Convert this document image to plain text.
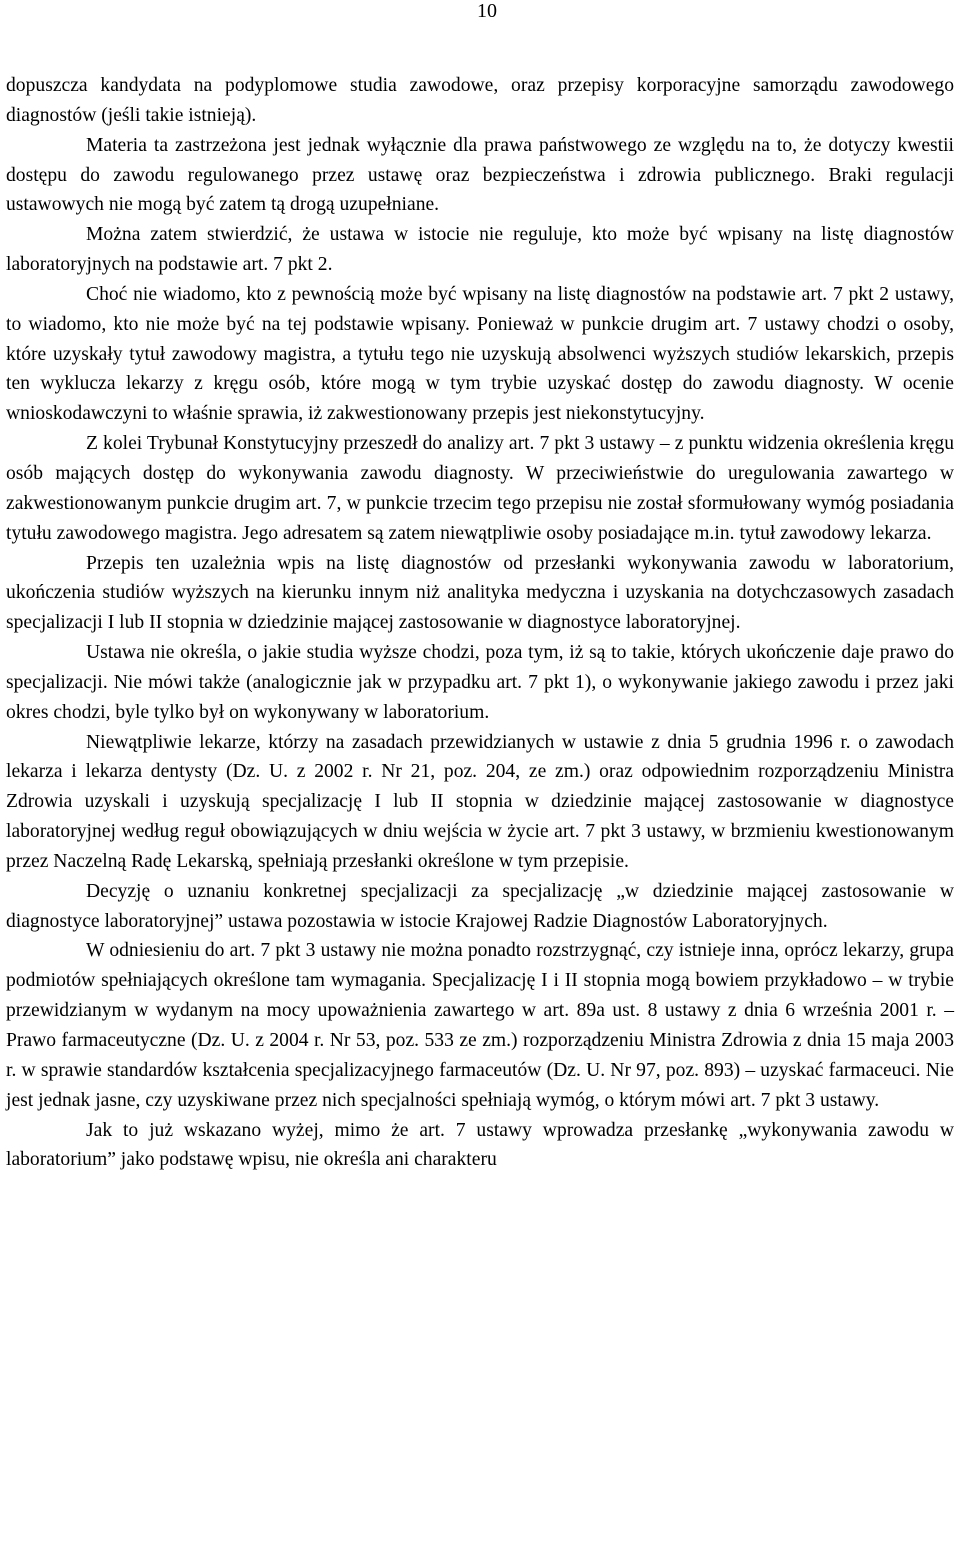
10

dopuszcza kandydata na podyplomowe studia zawodowe, oraz przepisy korporacyjne samorządu zawodowego diagnostów (jeśli takie istnieją).

Materia ta zastrzeżona jest jednak wyłącznie dla prawa państwowego ze względu na to, że dotyczy kwestii dostępu do zawodu regulowanego przez ustawę oraz bezpieczeństwa i zdrowia publicznego. Braki regulacji ustawowych nie mogą być zatem tą drogą uzupełniane.

Można zatem stwierdzić, że ustawa w istocie nie reguluje, kto może być wpisany na listę diagnostów laboratoryjnych na podstawie art. 7 pkt 2.

Choć nie wiadomo, kto z pewnością może być wpisany na listę diagnostów na podstawie art. 7 pkt 2 ustawy, to wiadomo, kto nie może być na tej podstawie wpisany. Ponieważ w punkcie drugim art. 7 ustawy chodzi o osoby, które uzyskały tytuł zawodowy magistra, a tytułu tego nie uzyskują absolwenci wyższych studiów lekarskich, przepis ten wyklucza lekarzy z kręgu osób, które mogą w tym trybie uzyskać dostęp do zawodu diagnosty. W ocenie wnioskodawczyni to właśnie sprawia, iż zakwestionowany przepis jest niekonstytucyjny.

Z kolei Trybunał Konstytucyjny przeszedł do analizy art. 7 pkt 3 ustawy – z punktu widzenia określenia kręgu osób mających dostęp do wykonywania zawodu diagnosty. W przeciwieństwie do uregulowania zawartego w zakwestionowanym punkcie drugim art. 7, w punkcie trzecim tego przepisu nie został sformułowany wymóg posiadania tytułu zawodowego magistra. Jego adresatem są zatem niewątpliwie osoby posiadające m.in. tytuł zawodowy lekarza.

Przepis ten uzależnia wpis na listę diagnostów od przesłanki wykonywania zawodu w laboratorium, ukończenia studiów wyższych na kierunku innym niż analityka medyczna i uzyskania na dotychczasowych zasadach specjalizacji I lub II stopnia w dziedzinie mającej zastosowanie w diagnostyce laboratoryjnej.

Ustawa nie określa, o jakie studia wyższe chodzi, poza tym, iż są to takie, których ukończenie daje prawo do specjalizacji. Nie mówi także (analogicznie jak w przypadku art. 7 pkt 1), o wykonywanie jakiego zawodu i przez jaki okres chodzi, byle tylko był on wykonywany w laboratorium.

Niewątpliwie lekarze, którzy na zasadach przewidzianych w ustawie z dnia 5 grudnia 1996 r. o zawodach lekarza i lekarza dentysty (Dz. U. z 2002 r. Nr 21, poz. 204, ze zm.) oraz odpowiednim rozporządzeniu Ministra Zdrowia uzyskali i uzyskują specjalizację I lub II stopnia w dziedzinie mającej zastosowanie w diagnostyce laboratoryjnej według reguł obowiązujących w dniu wejścia w życie art. 7 pkt 3 ustawy, w brzmieniu kwestionowanym przez Naczelną Radę Lekarską, spełniają przesłanki określone w tym przepisie.

Decyzję o uznaniu konkretnej specjalizacji za specjalizację „w dziedzinie mającej zastosowanie w diagnostyce laboratoryjnej” ustawa pozostawia w istocie Krajowej Radzie Diagnostów Laboratoryjnych.

W odniesieniu do art. 7 pkt 3 ustawy nie można ponadto rozstrzygnąć, czy istnieje inna, oprócz lekarzy, grupa podmiotów spełniających określone tam wymagania. Specjalizację I i II stopnia mogą bowiem przykładowo – w trybie przewidzianym w wydanym na mocy upoważnienia zawartego w art. 89a ust. 8 ustawy z dnia 6 września 2001 r. – Prawo farmaceutyczne (Dz. U. z 2004 r. Nr 53, poz. 533 ze zm.) rozporządzeniu Ministra Zdrowia z dnia 15 maja 2003 r. w sprawie standardów kształcenia specjalizacyjnego farmaceutów (Dz. U. Nr 97, poz. 893) – uzyskać farmaceuci. Nie jest jednak jasne, czy uzyskiwane przez nich specjalności spełniają wymóg, o którym mówi art. 7 pkt 3 ustawy.

Jak to już wskazano wyżej, mimo że art. 7 ustawy wprowadza przesłankę „wykonywania zawodu w laboratorium” jako podstawę wpisu, nie określa ani charakteru
